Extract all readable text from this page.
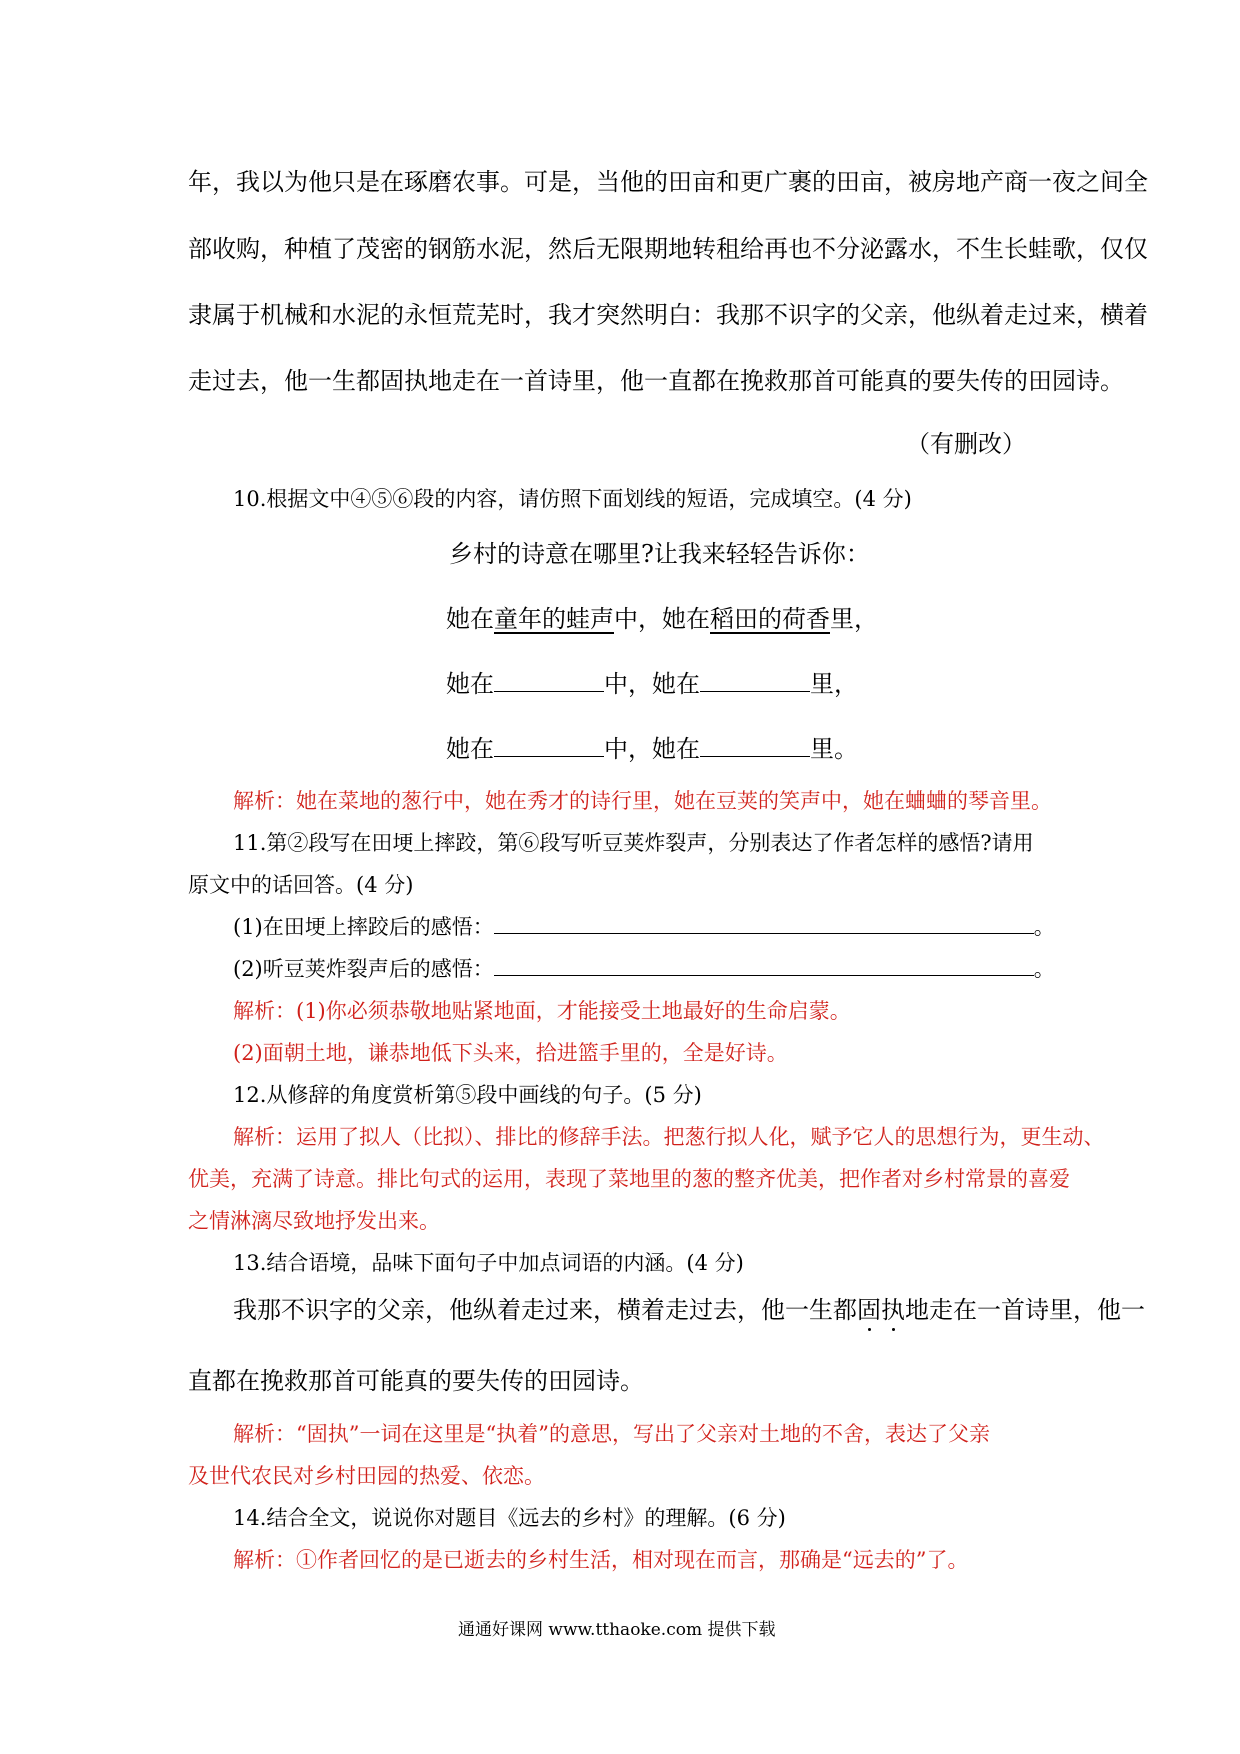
年，我以为他只是在琢磨农事。可是，当他的田亩和更广裹的田亩，被房地产商一夜之间全
部收购，种植了茂密的钢筋水泥，然后无限期地转租给再也不分泌露水，不生长蛙歌，仅仅
隶属于机械和水泥的永恒荒芜时，我才突然明白：我那不识字的父亲，他纵着走过来，横着
走过去，他一生都固执地走在一首诗里，他一直都在挽救那首可能真的要失传的田园诗。
（有删改）
10.根据文中④⑤⑥段的内容，请仿照下面划线的短语，完成填空。(4 分)
乡村的诗意在哪里?让我来轻轻告诉你：
她在童年的蛙声中，她在稻田的荷香里，
她在	中，她在	里，
她在	中，她在	里。
解析：她在菜地的葱行中，她在秀才的诗行里，她在豆荚的笑声中，她在蛐蛐的琴音里。
11.第②段写在田埂上摔跤，第⑥段写听豆荚炸裂声，分别表达了作者怎样的感悟?请用
原文中的话回答。(4 分)
(1)在田埂上摔跤后的感悟：	。
(2)听豆荚炸裂声后的感悟：	。
解析：(1)你必须恭敬地贴紧地面，才能接受土地最好的生命启蒙。
(2)面朝土地，谦恭地低下头来，拾进篮手里的，全是好诗。
12.从修辞的角度赏析第⑤段中画线的句子。(5 分)
解析：运用了拟人（比拟）、排比的修辞手法。把葱行拟人化，赋予它人的思想行为，更生动、
优美，充满了诗意。排比句式的运用，表现了菜地里的葱的整齐优美，把作者对乡村常景的喜爱
之情淋漓尽致地抒发出来。
13.结合语境，品味下面句子中加点词语的内涵。(4 分)
我那不识字的父亲，他纵着走过来，横着走过去，他一生都固执地走在一首诗里，他一
直都在挽救那首可能真的要失传的田园诗。
解析：“固执”一词在这里是“执着”的意思，写出了父亲对土地的不舍，表达了父亲
及世代农民对乡村田园的热爱、依恋。
14.结合全文，说说你对题目《远去的乡村》的理解。(6 分)
解析：①作者回忆的是已逝去的乡村生活，相对现在而言，那确是“远去的”了。
通通好课网 www.tthaoke.com 提供下载
